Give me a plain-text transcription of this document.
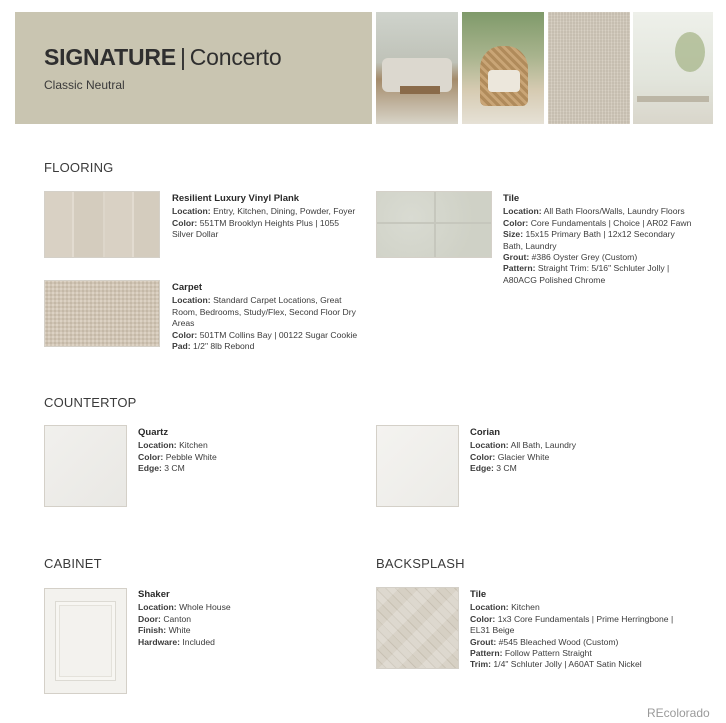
SIGNATURE | Concerto
Classic Neutral
FLOORING
Resilient Luxury Vinyl Plank
Location: Entry, Kitchen, Dining, Powder, Foyer
Color: 551TM Brooklyn Heights Plus | 1055 Silver Dollar
Carpet
Location: Standard Carpet Locations, Great Room, Bedrooms, Study/Flex, Second Floor Dry Areas
Color: 501TM Collins Bay | 00122 Sugar Cookie
Pad: 1/2" 8lb Rebond
Tile
Location: All Bath Floors/Walls, Laundry Floors
Color: Core Fundamentals | Choice | AR02 Fawn
Size: 15x15 Primary Bath | 12x12 Secondary Bath, Laundry
Grout: #386 Oyster Grey (Custom)
Pattern: Straight Trim: 5/16" Schluter Jolly | A80ACG Polished Chrome
COUNTERTOP
Quartz
Location: Kitchen
Color: Pebble White
Edge: 3 CM
Corian
Location: All Bath, Laundry
Color: Glacier White
Edge: 3 CM
CABINET
Shaker
Location: Whole House
Door: Canton
Finish: White
Hardware: Included
BACKSPLASH
Tile
Location: Kitchen
Color: 1x3 Core Fundamentals | Prime Herringbone | EL31 Beige
Grout: #545 Bleached Wood (Custom)
Pattern: Follow Pattern Straight
Trim: 1/4" Schluter Jolly | A60AT Satin Nickel
REcolorado
